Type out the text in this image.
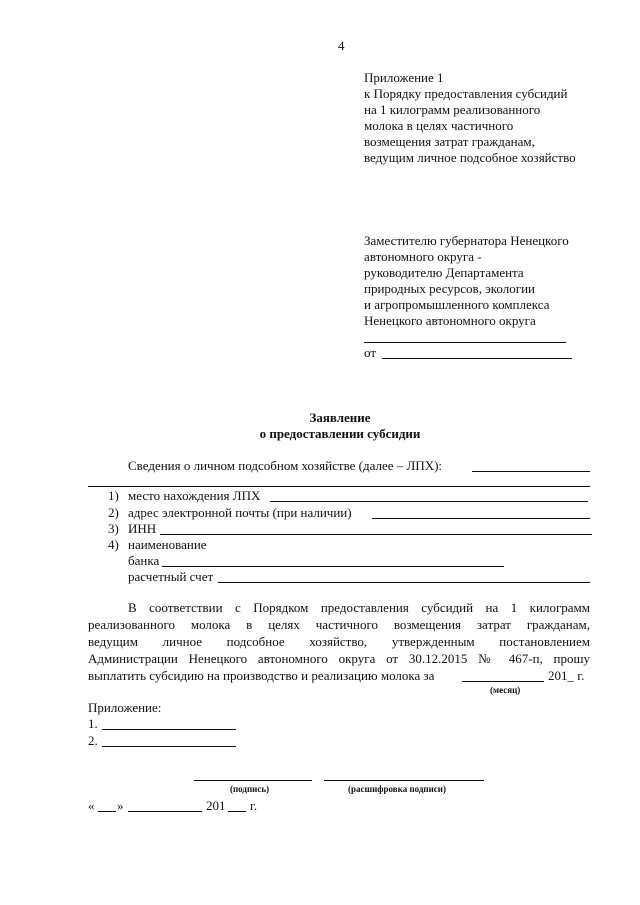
4
Приложение 1
к Порядку предоставления субсидий
на 1 килограмм реализованного
молока в целях частичного
возмещения затрат гражданам,
ведущим личное подсобное хозяйство
Заместителю губернатора Ненецкого
автономного округа -
руководителю Департамента
природных ресурсов, экологии
и агропромышленного комплекса
Ненецкого автономного округа
от
Заявление
о предоставлении субсидии
Сведения о личном подсобном хозяйстве (далее – ЛПХ):
1) место нахождения ЛПХ
2) адрес электронной почты (при наличии)
3) ИНН
4) наименование
банка
расчетный счет
В соответствии с Порядком предоставления субсидий на 1 килограмм
реализованного молока в целях частичного возмещения затрат гражданам,
ведущим личное подсобное хозяйство, утвержденным постановлением
Администрации Ненецкого автономного округа от 30.12.2015 № 467-п, прошу
выплатить субсидию на производство и реализацию молока за	201_ г.
(месяц)
Приложение:
1.
2.
(подпись)	(расшифровка подписи)
« »	201 г.
